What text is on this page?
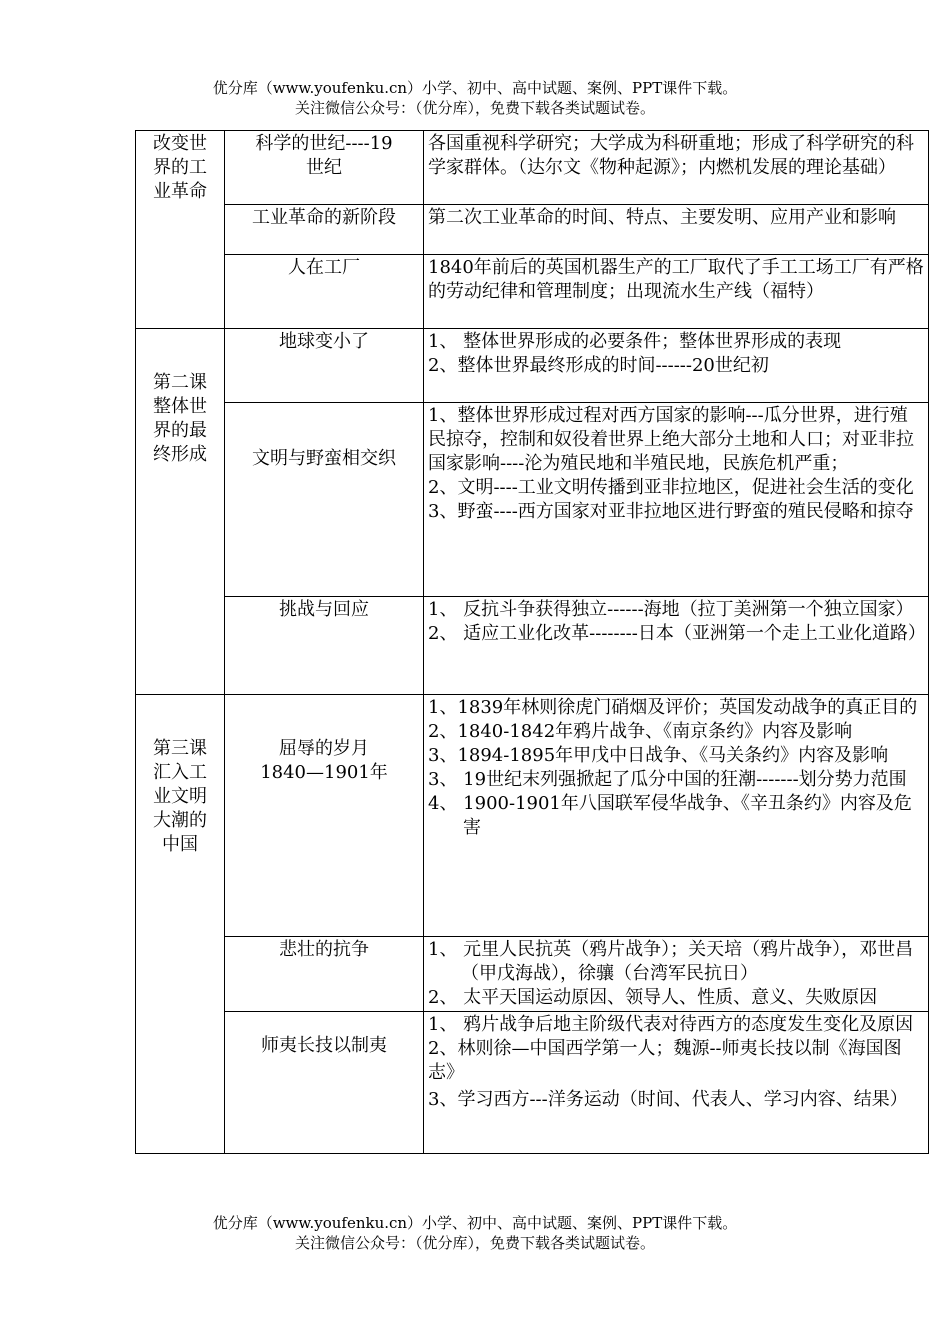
优分库（www.youfenku.cn）小学、初中、高中试题、案例、PPT课件下载。
关注微信公众号：（优分库），免费下载各类试题试卷。
改变世
界的工
业革命	科学的世纪----19
世纪	各国重视科学研究；大学成为科研重地；形成了科学研究的科学家群体。（达尔文《物种起源》；内燃机发展的理论基础）

	工业革命的新阶段	第二次工业革命的时间、特点、主要发明、应用产业和影响

	人在工厂	1840年前后的英国机器生产的工厂取代了手工工场工厂有严格的劳动纪律和管理制度；出现流水生产线（福特）

第二课
整体世
界的最
终形成	地球变小了	1、 整体世界形成的必要条件；整体世界形成的表现
2、整体世界最终形成的时间------20世纪初

	文明与野蛮相交织	1、整体世界形成过程对西方国家的影响---瓜分世界，进行殖民掠夺，控制和奴役着世界上绝大部分土地和人口；对亚非拉国家影响----沦为殖民地和半殖民地，民族危机严重；
2、文明----工业文明传播到亚非拉地区，促进社会生活的变化
3、野蛮----西方国家对亚非拉地区进行野蛮的殖民侵略和掠夺

	挑战与回应	1、 反抗斗争获得独立------海地（拉丁美洲第一个独立国家）
2、 适应工业化改革--------日本（亚洲第一个走上工业化道路）

第三课
汇入工
业文明
大潮的
中国	屈辱的岁月
1840—1901年	1、1839年林则徐虎门硝烟及评价；英国发动战争的真正目的
2、1840-1842年鸦片战争、《南京条约》内容及影响
3、1894-1895年甲戊中日战争、《马关条约》内容及影响
3、 19世纪末列强掀起了瓜分中国的狂潮-------划分势力范围
4、 1900-1901年八国联军侵华战争、《辛丑条约》内容及危害

	悲壮的抗争	1、 元里人民抗英（鸦片战争）；关天培（鸦片战争），邓世昌（甲戊海战），徐骧（台湾军民抗日）
2、 太平天国运动原因、领导人、性质、意义、失败原因

	师夷长技以制夷	1、 鸦片战争后地主阶级代表对待西方的态度发生变化及原因
2、林则徐—中国西学第一人；魏源--师夷长技以制《海国图志》
3、学习西方---洋务运动（时间、代表人、学习内容、结果）
优分库（www.youfenku.cn）小学、初中、高中试题、案例、PPT课件下载。
关注微信公众号：（优分库），免费下载各类试题试卷。
